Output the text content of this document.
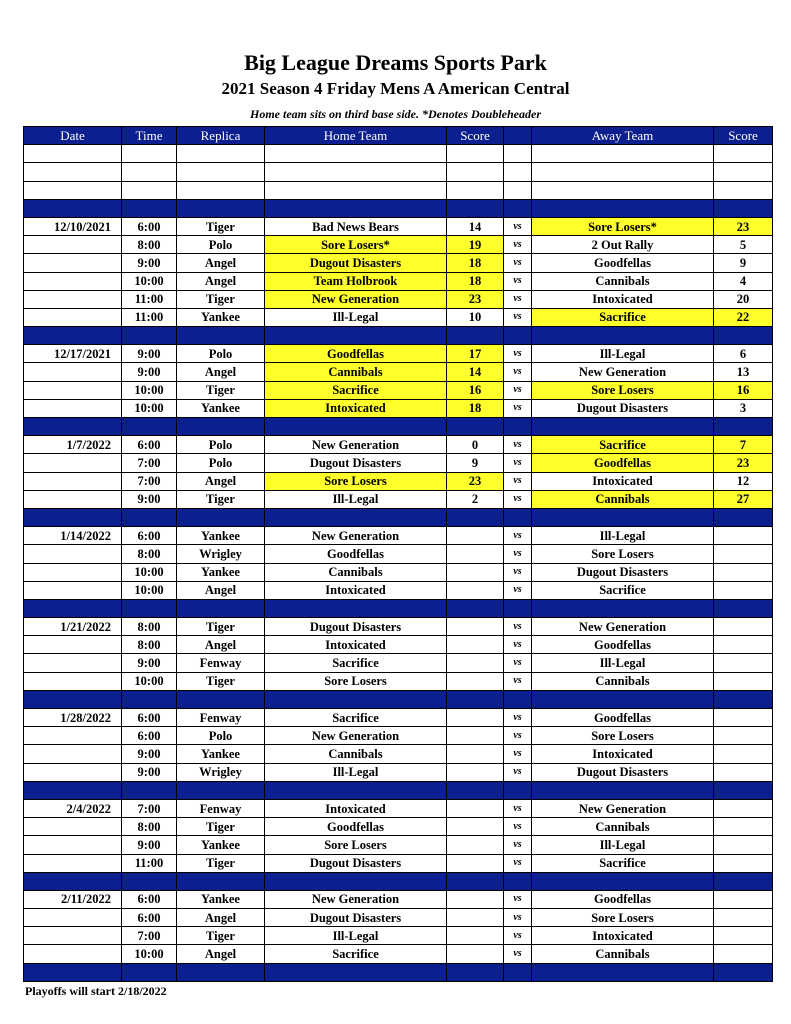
Big League Dreams Sports Park
2021 Season 4 Friday Mens A American Central
Home team sits on third base side. *Denotes Doubleheader
Date	Time	Replica	Home Team	Score		Away Team	Score

12/10/2021	6:00	Tiger	Bad News Bears	14	vs	Sore Losers*	23
	8:00	Polo	Sore Losers*	19	vs	2 Out Rally	5
	9:00	Angel	Dugout Disasters	18	vs	Goodfellas	9
	10:00	Angel	Team Holbrook	18	vs	Cannibals	4
	11:00	Tiger	New Generation	23	vs	Intoxicated	20
	11:00	Yankee	Ill-Legal	10	vs	Sacrifice	22

12/17/2021	9:00	Polo	Goodfellas	17	vs	Ill-Legal	6
	9:00	Angel	Cannibals	14	vs	New Generation	13
	10:00	Tiger	Sacrifice	16	vs	Sore Losers	16
	10:00	Yankee	Intoxicated	18	vs	Dugout Disasters	3

1/7/2022	6:00	Polo	New Generation	0	vs	Sacrifice	7
	7:00	Polo	Dugout Disasters	9	vs	Goodfellas	23
	7:00	Angel	Sore Losers	23	vs	Intoxicated	12
	9:00	Tiger	Ill-Legal	2	vs	Cannibals	27

1/14/2022	6:00	Yankee	New Generation		vs	Ill-Legal	
	8:00	Wrigley	Goodfellas		vs	Sore Losers	
	10:00	Yankee	Cannibals		vs	Dugout Disasters	
	10:00	Angel	Intoxicated		vs	Sacrifice	

1/21/2022	8:00	Tiger	Dugout Disasters		vs	New Generation	
	8:00	Angel	Intoxicated		vs	Goodfellas	
	9:00	Fenway	Sacrifice		vs	Ill-Legal	
	10:00	Tiger	Sore Losers		vs	Cannibals	

1/28/2022	6:00	Fenway	Sacrifice		vs	Goodfellas	
	6:00	Polo	New Generation		vs	Sore Losers	
	9:00	Yankee	Cannibals		vs	Intoxicated	
	9:00	Wrigley	Ill-Legal		vs	Dugout Disasters	

2/4/2022	7:00	Fenway	Intoxicated		vs	New Generation	
	8:00	Tiger	Goodfellas		vs	Cannibals	
	9:00	Yankee	Sore Losers		vs	Ill-Legal	
	11:00	Tiger	Dugout Disasters		vs	Sacrifice	

2/11/2022	6:00	Yankee	New Generation		vs	Goodfellas	
	6:00	Angel	Dugout Disasters		vs	Sore Losers	
	7:00	Tiger	Ill-Legal		vs	Intoxicated	
	10:00	Angel	Sacrifice		vs	Cannibals	

Playoffs will start 2/18/2022
